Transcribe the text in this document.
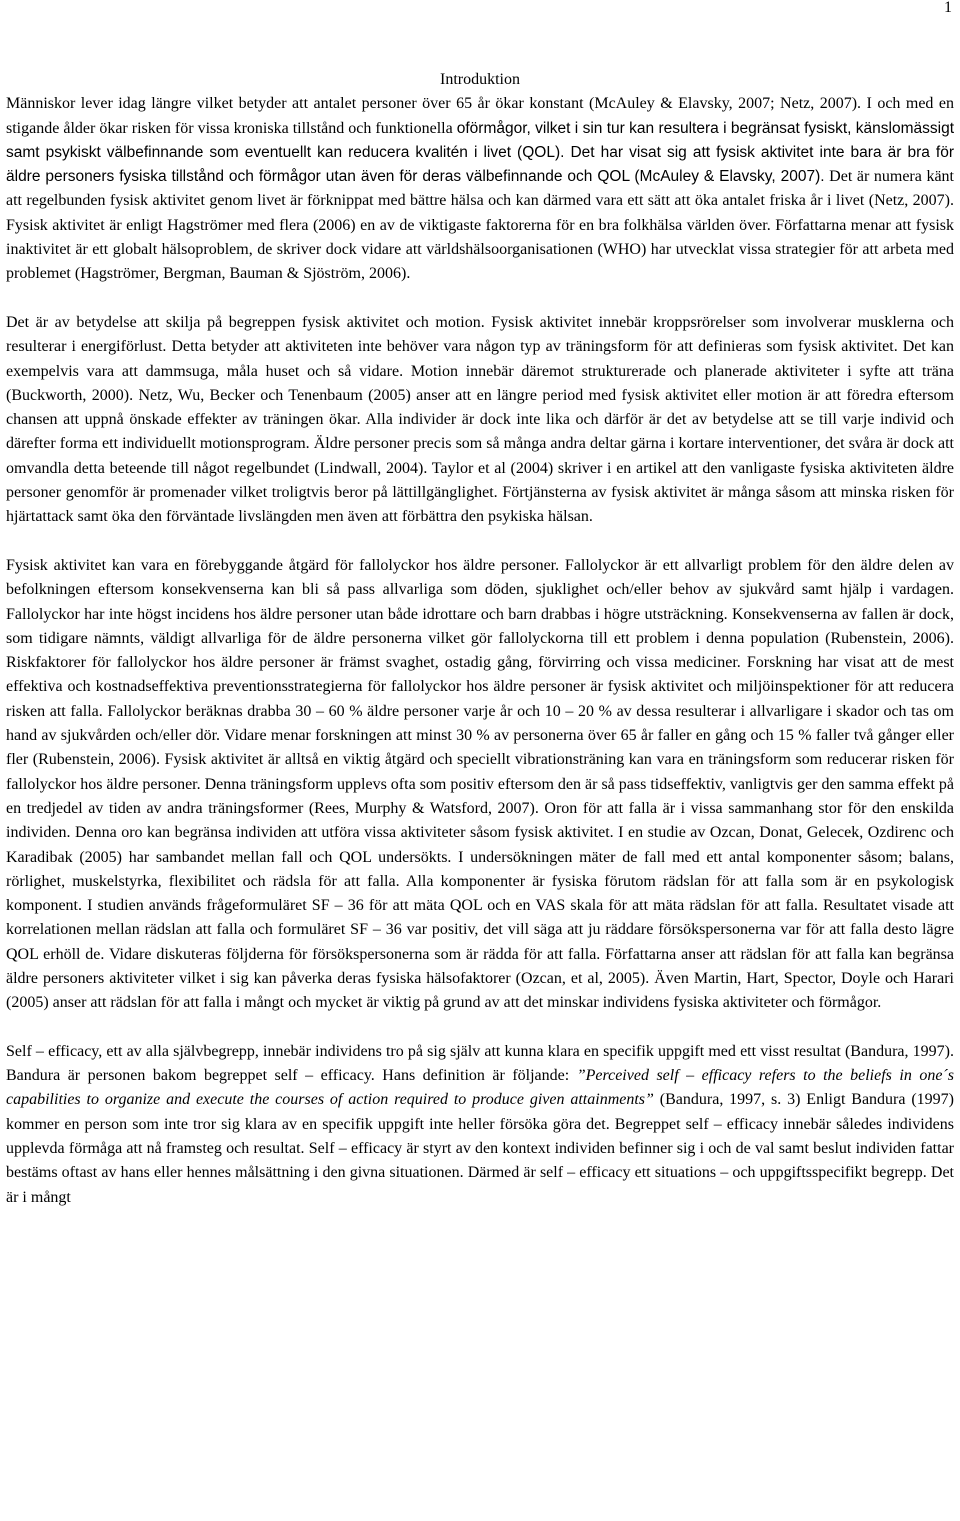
1
Introduktion

Människor lever idag längre vilket betyder att antalet personer över 65 år ökar konstant (McAuley & Elavsky, 2007; Netz, 2007). I och med en stigande ålder ökar risken för vissa kroniska tillstånd och funktionella oförmågor, vilket i sin tur kan resultera i begränsat fysiskt, känslomässigt samt psykiskt välbefinnande som eventuellt kan reducera kvalitén i livet (QOL). Det har visat sig att fysisk aktivitet inte bara är bra för äldre personers fysiska tillstånd och förmågor utan även för deras välbefinnande och QOL (McAuley & Elavsky, 2007). Det är numera känt att regelbunden fysisk aktivitet genom livet är förknippat med bättre hälsa och kan därmed vara ett sätt att öka antalet friska år i livet (Netz, 2007). Fysisk aktivitet är enligt Hagströmer med flera (2006) en av de viktigaste faktorerna för en bra folkhälsa världen över. Författarna menar att fysisk inaktivitet är ett globalt hälsoproblem, de skriver dock vidare att världshälsoorganisationen (WHO) har utvecklat vissa strategier för att arbeta med problemet (Hagströmer, Bergman, Bauman & Sjöström, 2006).

Det är av betydelse att skilja på begreppen fysisk aktivitet och motion. Fysisk aktivitet innebär kroppsrörelser som involverar musklerna och resulterar i energiförlust. Detta betyder att aktiviteten inte behöver vara någon typ av träningsform för att definieras som fysisk aktivitet. Det kan exempelvis vara att dammsuga, måla huset och så vidare. Motion innebär däremot strukturerade och planerade aktiviteter i syfte att träna (Buckworth, 2000). Netz, Wu, Becker och Tenenbaum (2005) anser att en längre period med fysisk aktivitet eller motion är att föredra eftersom chansen att uppnå önskade effekter av träningen ökar. Alla individer är dock inte lika och därför är det av betydelse att se till varje individ och därefter forma ett individuellt motionsprogram. Äldre personer precis som så många andra deltar gärna i kortare interventioner, det svåra är dock att omvandla detta beteende till något regelbundet (Lindwall, 2004). Taylor et al (2004) skriver i en artikel att den vanligaste fysiska aktiviteten äldre personer genomför är promenader vilket troligtvis beror på lättillgänglighet. Förtjänsterna av fysisk aktivitet är många såsom att minska risken för hjärtattack samt öka den förväntade livslängden men även att förbättra den psykiska hälsan.

Fysisk aktivitet kan vara en förebyggande åtgärd för fallolyckor hos äldre personer. Fallolyckor är ett allvarligt problem för den äldre delen av befolkningen eftersom konsekvenserna kan bli så pass allvarliga som döden, sjuklighet och/eller behov av sjukvård samt hjälp i vardagen. Fallolyckor har inte högst incidens hos äldre personer utan både idrottare och barn drabbas i högre utsträckning. Konsekvenserna av fallen är dock, som tidigare nämnts, väldigt allvarliga för de äldre personerna vilket gör fallolyckorna till ett problem i denna population (Rubenstein, 2006). Riskfaktorer för fallolyckor hos äldre personer är främst svaghet, ostadig gång, förvirring och vissa mediciner. Forskning har visat att de mest effektiva och kostnadseffektiva preventionsstrategierna för fallolyckor hos äldre personer är fysisk aktivitet och miljöinspektioner för att reducera risken att falla. Fallolyckor beräknas drabba 30 – 60 % äldre personer varje år och 10 – 20 % av dessa resulterar i allvarligare i skador och tas om hand av sjukvården och/eller dör. Vidare menar forskningen att minst 30 % av personerna över 65 år faller en gång och 15 % faller två gånger eller fler (Rubenstein, 2006). Fysisk aktivitet är alltså en viktig åtgärd och speciellt vibrationsträning kan vara en träningsform som reducerar risken för fallolyckor hos äldre personer. Denna träningsform upplevs ofta som positiv eftersom den är så pass tidseffektiv, vanligtvis ger den samma effekt på en tredjedel av tiden av andra träningsformer (Rees, Murphy & Watsford, 2007). Oron för att falla är i vissa sammanhang stor för den enskilda individen. Denna oro kan begränsa individen att utföra vissa aktiviteter såsom fysisk aktivitet. I en studie av Ozcan, Donat, Gelecek, Ozdirenc och Karadibak (2005) har sambandet mellan fall och QOL undersökts. I undersökningen mäter de fall med ett antal komponenter såsom; balans, rörlighet, muskelstyrka, flexibilitet och rädsla för att falla. Alla komponenter är fysiska förutom rädslan för att falla som är en psykologisk komponent. I studien används frågeformuläret SF – 36 för att mäta QOL och en VAS skala för att mäta rädslan för att falla. Resultatet visade att korrelationen mellan rädslan att falla och formuläret SF – 36 var positiv, det vill säga att ju räddare försökspersonerna var för att falla desto lägre QOL erhöll de. Vidare diskuteras följderna för försökspersonerna som är rädda för att falla. Författarna anser att rädslan för att falla kan begränsa äldre personers aktiviteter vilket i sig kan påverka deras fysiska hälsofaktorer (Ozcan, et al, 2005). Även Martin, Hart, Spector, Doyle och Harari (2005) anser att rädslan för att falla i mångt och mycket är viktig på grund av att det minskar individens fysiska aktiviteter och förmågor.

Self – efficacy, ett av alla självbegrepp, innebär individens tro på sig själv att kunna klara en specifik uppgift med ett visst resultat (Bandura, 1997). Bandura är personen bakom begreppet self – efficacy. Hans definition är följande: ”Perceived self – efficacy refers to the beliefs in one´s capabilities to organize and execute the courses of action required to produce given attainments” (Bandura, 1997, s. 3) Enligt Bandura (1997) kommer en person som inte tror sig klara av en specifik uppgift inte heller försöka göra det. Begreppet self – efficacy innebär således individens upplevda förmåga att nå framsteg och resultat. Self – efficacy är styrt av den kontext individen befinner sig i och de val samt beslut individen fattar bestäms oftast av hans eller hennes målsättning i den givna situationen. Därmed är self – efficacy ett situations – och uppgiftsspecifikt begrepp. Det är i mångt
